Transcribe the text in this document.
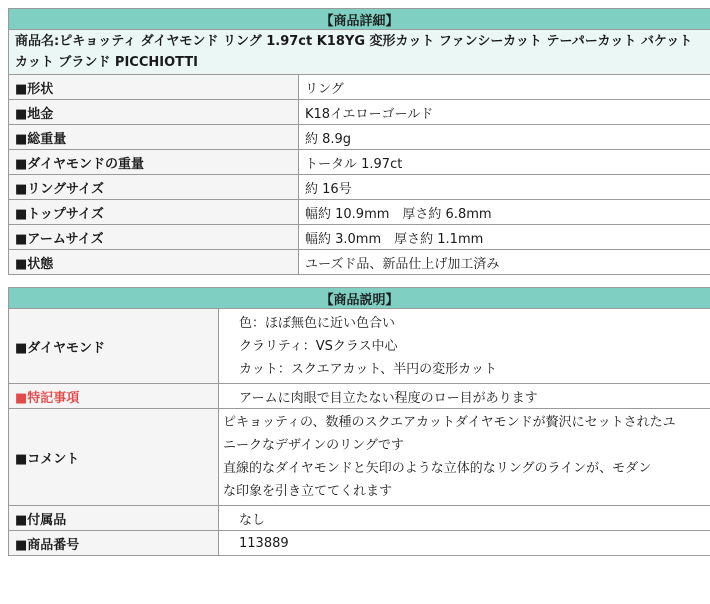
【商品詳細】	
商品名:ピキョッティ ダイヤモンド リング 1.97ct K18YG 変形カット ファンシーカット テーパーカット バケットカット ブランド PICCHIOTTI	
■形状	リング
■地金	K18イエローゴールド
■総重量	約 8.9g
■ダイヤモンドの重量	トータル 1.97ct
■リングサイズ	約 16号
■トップサイズ	幅約 10.9mm　厚さ約 6.8mm
■アームサイズ	幅約 3.0mm　厚さ約 1.1mm
■状態	ユーズド品、新品仕上げ加工済み
【商品説明】	
■ダイヤモンド	色：ほぼ無色に近い色合い
クラリティ：VSクラス中心
カット：スクエアカット、半円の変形カット

■特記事項	アームに肉眼で目立たない程度のロー目があります
■コメント	ピキョッティの、数種のスクエアカットダイヤモンドが贅沢にセットされたユ
ニークなデザインのリングです
直線的なダイヤモンドと矢印のような立体的なリングのラインが、モダン
な印象を引き立ててくれます

■付属品	なし
■商品番号	113889
